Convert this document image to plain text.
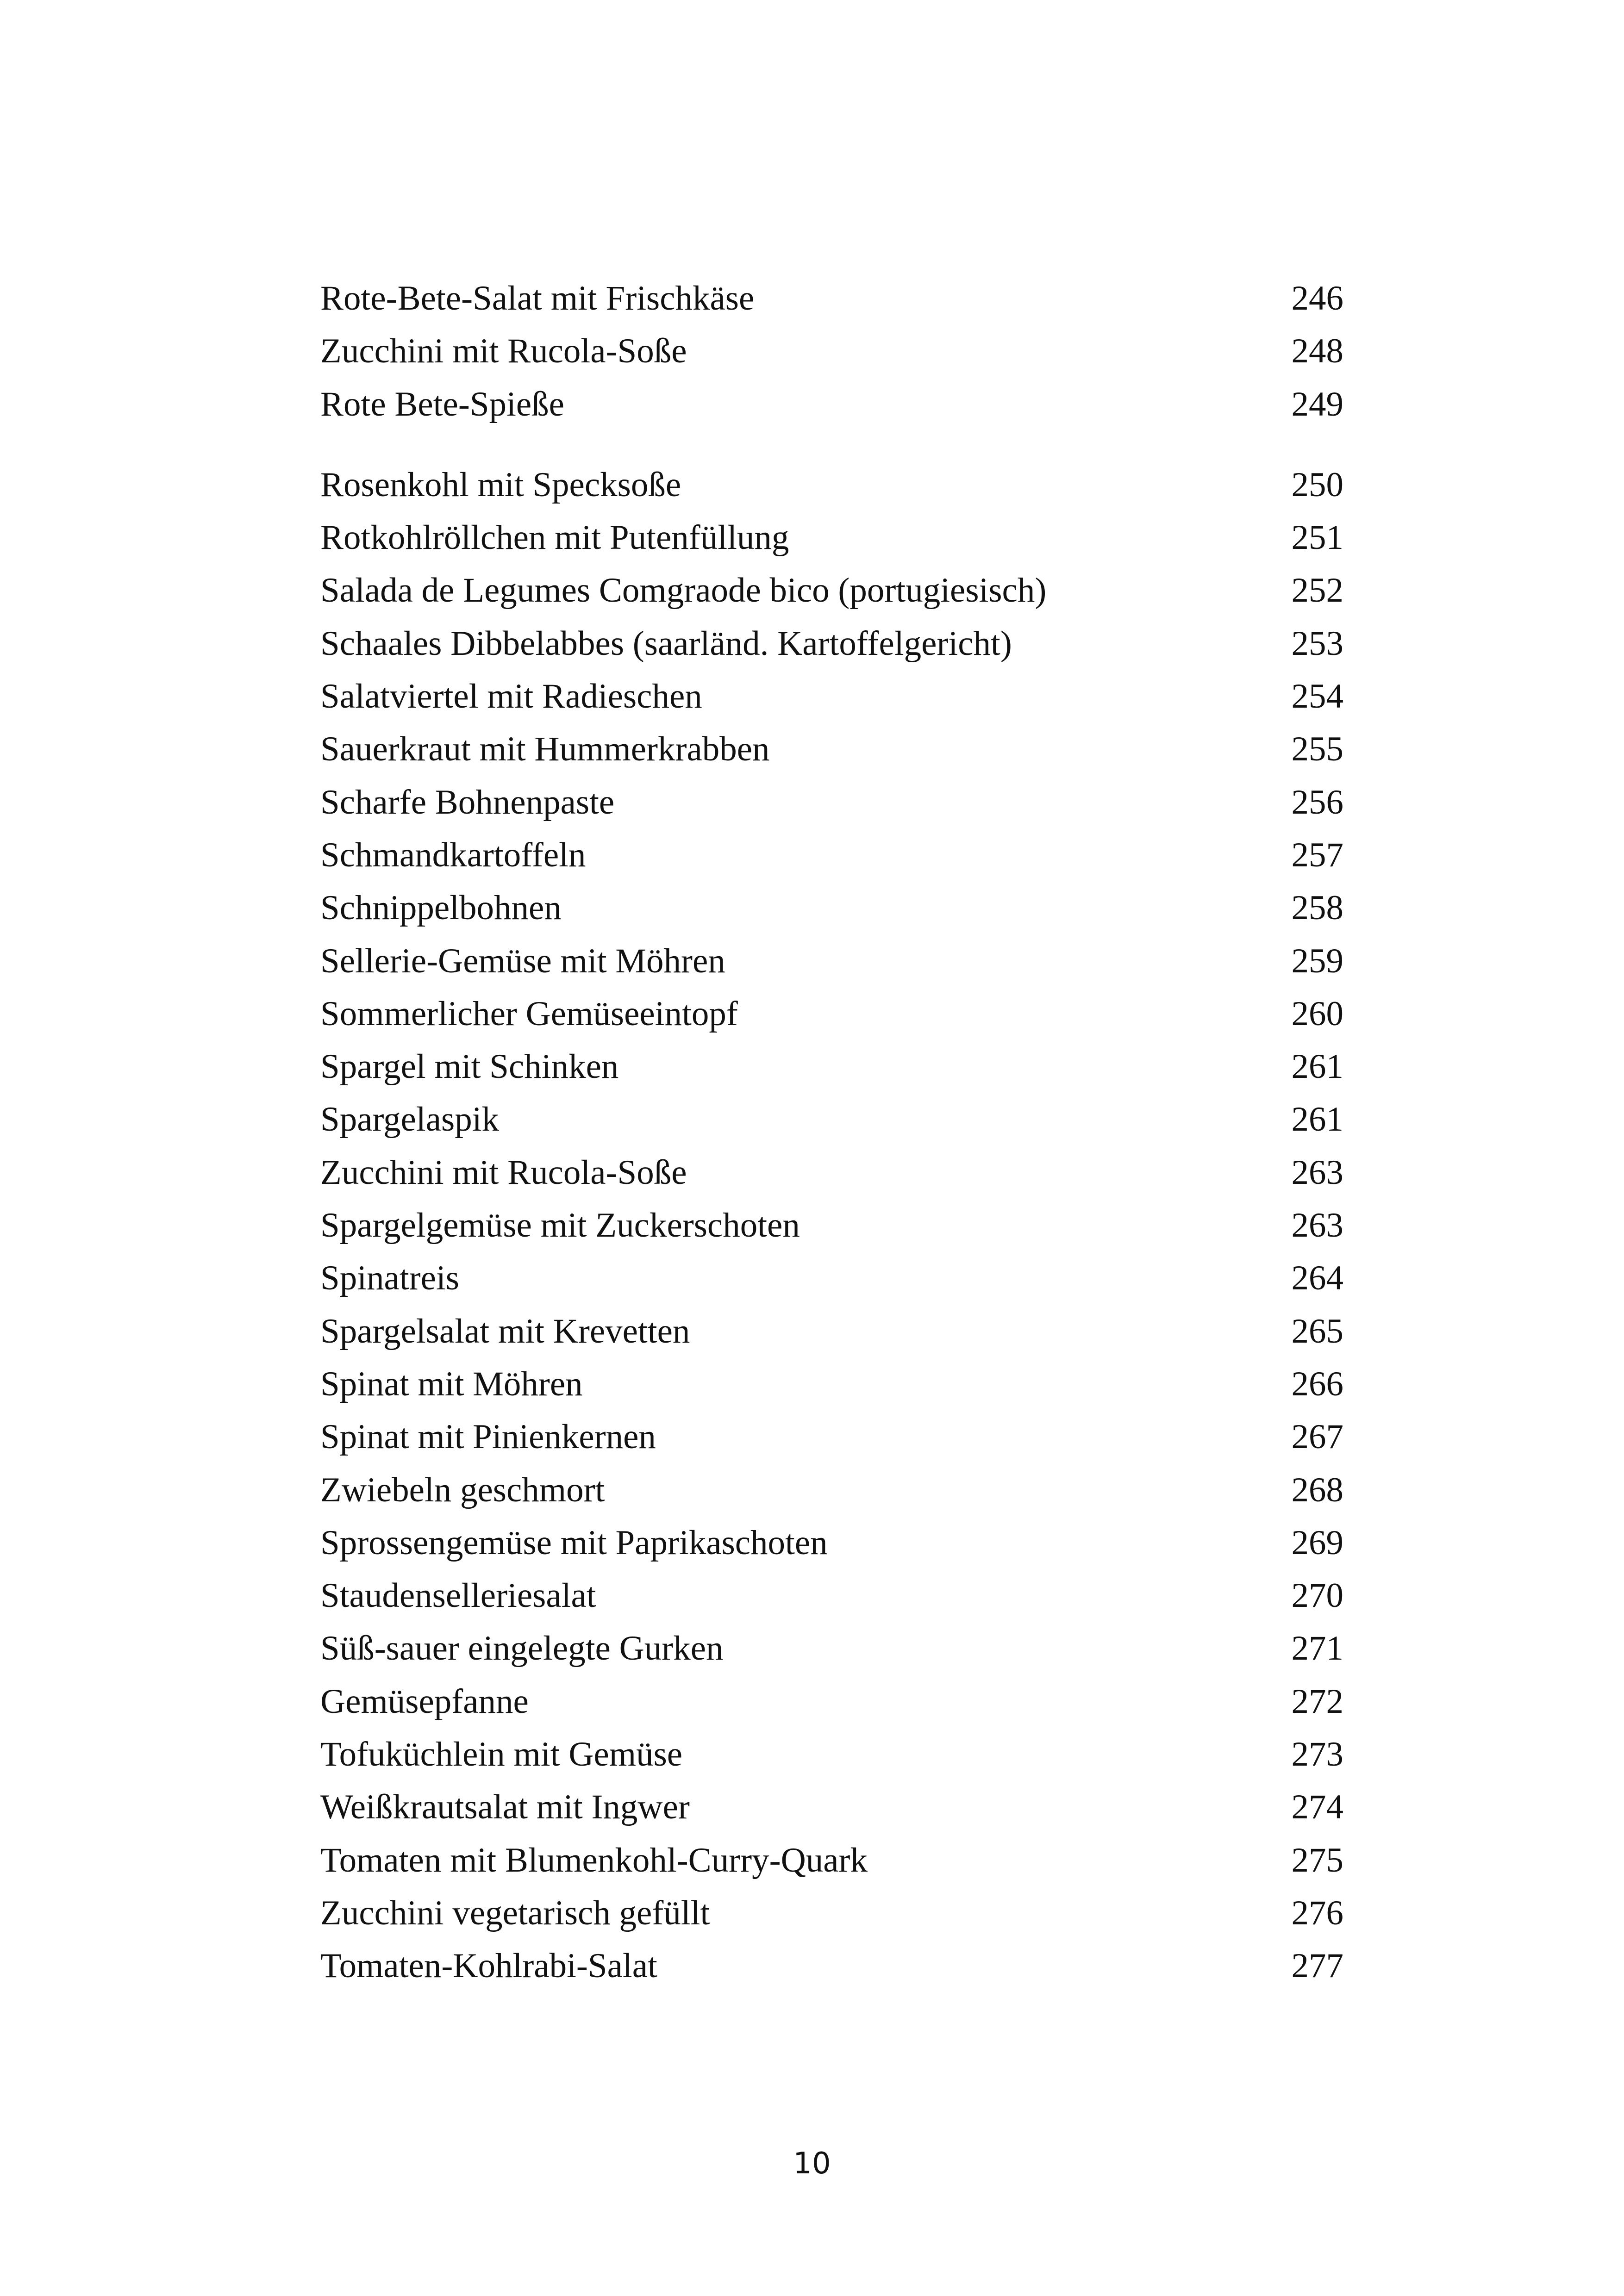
Rote-Bete-Salat mit Frischkäse	246
Zucchini mit Rucola-Soße	248
Rote Bete-Spieße	249
Rosenkohl mit Specksoße	250
Rotkohlröllchen mit Putenfüllung	251
Salada de Legumes Comgraode bico (portugiesisch)	252
Schaales Dibbelabbes (saarländ. Kartoffelgericht)	253
Salatviertel mit Radieschen	254
Sauerkraut mit Hummerkrabben	255
Scharfe Bohnenpaste	256
Schmandkartoffeln	257
Schnippelbohnen	258
Sellerie-Gemüse mit Möhren	259
Sommerlicher Gemüseeintopf	260
Spargel mit Schinken	261
Spargelaspik	261
Zucchini mit Rucola-Soße	263
Spargelgemüse mit Zuckerschoten	263
Spinatreis	264
Spargelsalat mit Krevetten	265
Spinat mit Möhren	266
Spinat mit Pinienkernen	267
Zwiebeln geschmort	268
Sprossengemüse mit Paprikaschoten	269
Staudenselleriesalat	270
Süß-sauer eingelegte Gurken	271
Gemüsepfanne	272
Tofuküchlein mit Gemüse	273
Weißkrautsalat mit Ingwer	274
Tomaten mit Blumenkohl-Curry-Quark	275
Zucchini vegetarisch gefüllt	276
Tomaten-Kohlrabi-Salat	277
10
